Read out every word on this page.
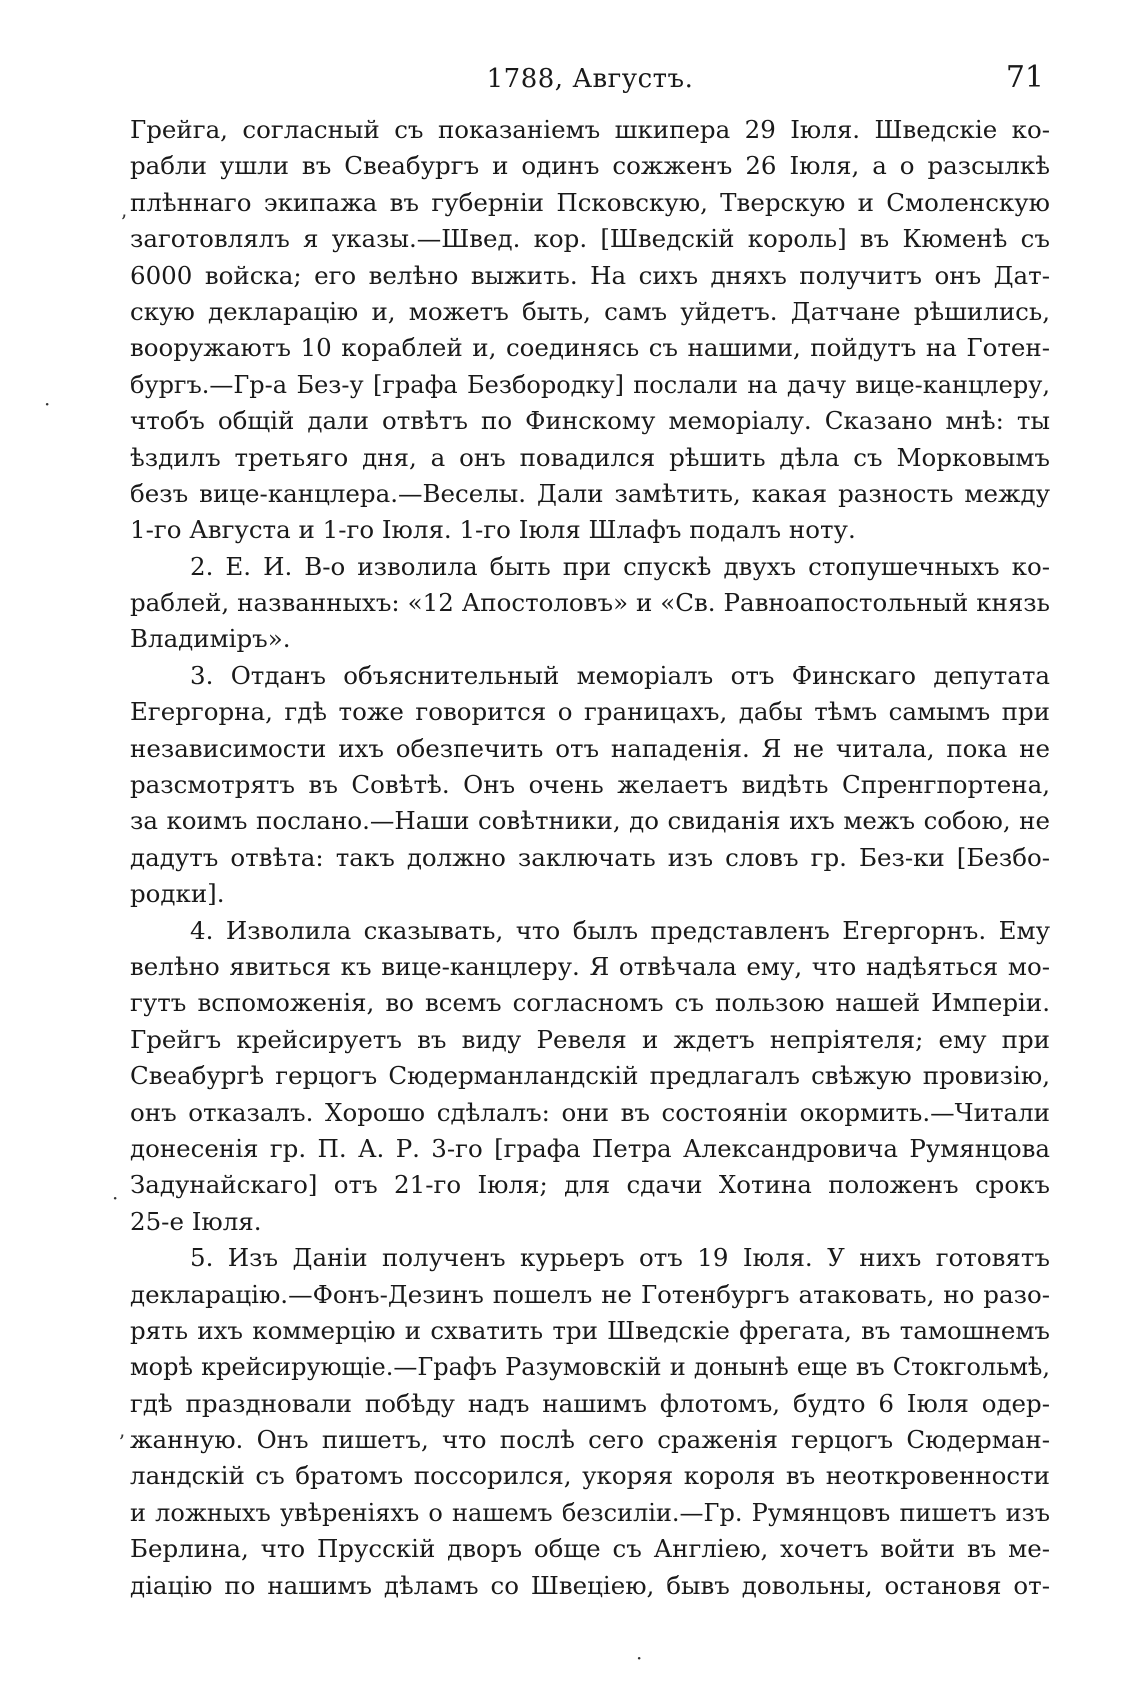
1788, Августъ.	71
Грейга, согласный съ показаніемъ шкипера 29 Іюля. Шведскіе ко-
рабли ушли въ Свеабургъ и одинъ сожженъ 26 Іюля, а о разсылкѣ
плѣннаго экипажа въ губерніи Псковскую, Тверскую и Смоленскую
заготовлялъ я указы.—Швед. кор. [Шведскій король] въ Кюменѣ съ
6000 войска; его велѣно выжить. На сихъ дняхъ получитъ онъ Дат-
скую декларацію и, можетъ быть, самъ уйдетъ. Датчане рѣшились,
вооружаютъ 10 кораблей и, соединясь съ нашими, пойдутъ на Готен-
бургъ.—Гр-а Без-у [графа Безбородку] послали на дачу вице-канцлеру,
чтобъ общій дали отвѣтъ по Финскому меморіалу. Сказано мнѣ: ты
ѣздилъ третьяго дня, а онъ повадился рѣшить дѣла съ Морковымъ
безъ вице-канцлера.—Веселы. Дали замѣтить, какая разность между
1-го Августа и 1-го Іюля. 1-го Іюля Шлафъ подалъ ноту.
2. Е. И. В-о изволила быть при спускѣ двухъ стопушечныхъ ко-
раблей, названныхъ: «12 Апостоловъ» и «Св. Равноапостольный князь
Владиміръ».
3. Отданъ объяснительный меморіалъ отъ Финскаго депутата
Егергорна, гдѣ тоже говорится о границахъ, дабы тѣмъ самымъ при
независимости ихъ обезпечить отъ нападенія. Я не читала, пока не
разсмотрятъ въ Совѣтѣ. Онъ очень желаетъ видѣть Спренгпортена,
за коимъ послано.—Наши совѣтники, до свиданія ихъ межъ собою, не
дадутъ отвѣта: такъ должно заключать изъ словъ гр. Без-ки [Безбо-
родки].
4. Изволила сказывать, что былъ представленъ Егергорнъ. Ему
велѣно явиться къ вице-канцлеру. Я отвѣчала ему, что надѣяться мо-
гутъ вспоможенія, во всемъ согласномъ съ пользою нашей Имперіи.
Грейгъ крейсируетъ въ виду Ревеля и ждетъ непріятеля; ему при
Свеабургѣ герцогъ Сюдерманландскій предлагалъ свѣжую провизію,
онъ отказалъ. Хорошо сдѣлалъ: они въ состояніи окормить.—Читали
донесенія гр. П. А. Р. 3-го [графа Петра Александровича Румянцова
Задунайскаго] отъ 21-го Іюля; для сдачи Хотина положенъ срокъ
25-е Іюля.
5. Изъ Даніи полученъ курьеръ отъ 19 Іюля. У нихъ готовятъ
декларацію.—Фонъ-Дезинъ пошелъ не Готенбургъ атаковать, но разо-
рять ихъ коммерцію и схватить три Шведскіе фрегата, въ тамошнемъ
морѣ крейсирующіе.—Графъ Разумовскій и донынѣ еще въ Стокгольмѣ,
гдѣ праздновали побѣду надъ нашимъ флотомъ, будто 6 Іюля одер-
жанную. Онъ пишетъ, что послѣ сего сраженія герцогъ Сюдерман-
ландскій съ братомъ поссорился, укоряя короля въ неоткровенности
и ложныхъ увѣреніяхъ о нашемъ безсиліи.—Гр. Румянцовъ пишетъ изъ
Берлина, что Прусскій дворъ обще съ Англіею, хочетъ войти въ ме-
діацію по нашимъ дѣламъ со Швеціею, бывъ довольны, остановя от-
ʼ
·
·
ʼ
·
